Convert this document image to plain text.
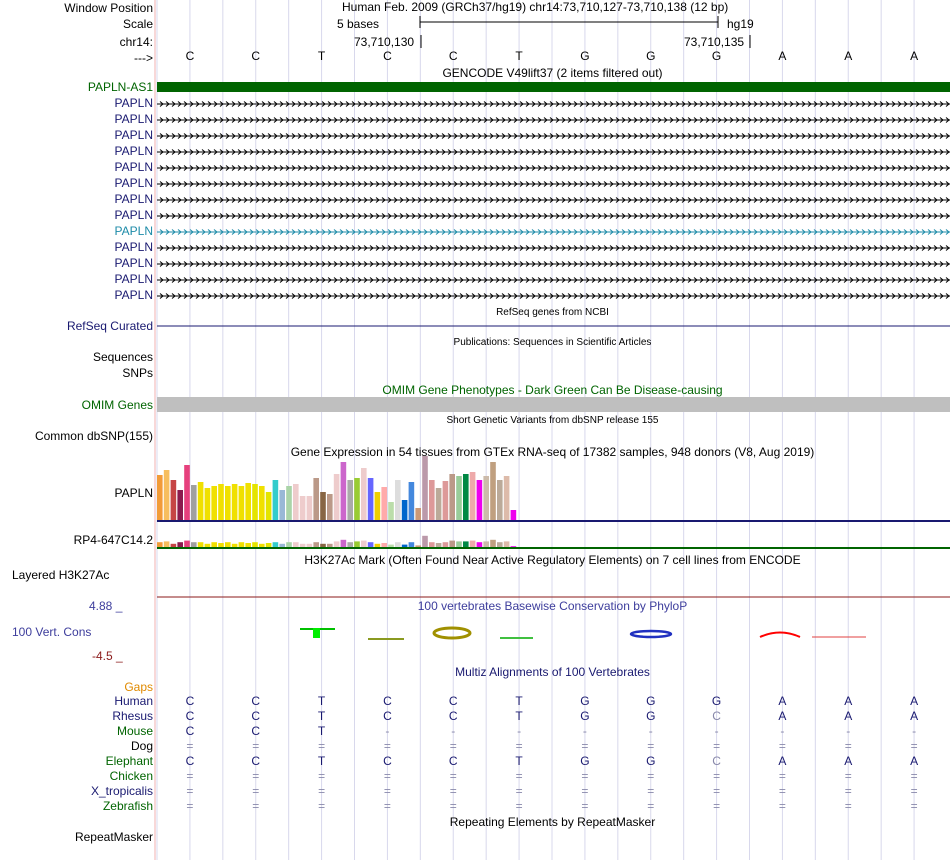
Window Position
Scale
chr14:
--->
Human Feb. 2009 (GRCh37/hg19) chr14:73,710,127-73,710,138 (12 bp)
5 bases	hg19
73,710,130	73,710,135
C	C	T	C	C	T	G	G	G	A	A	A
GENCODE V49lift37 (2 items filtered out)
PAPLN-AS1
PAPLN
PAPLN
PAPLN
PAPLN
PAPLN
PAPLN
PAPLN
PAPLN
PAPLN
PAPLN
PAPLN
PAPLN
PAPLN
RefSeq genes from NCBI
RefSeq Curated
Publications: Sequences in Scientific Articles
Sequences
SNPs
OMIM Gene Phenotypes - Dark Green Can Be Disease-causing
OMIM Genes
Short Genetic Variants from dbSNP release 155
Common dbSNP(155)
Gene Expression in 54 tissues from GTEx RNA-seq of 17382 samples, 948 donors (V8, Aug 2019)
PAPLN
RP4-647C14.2
H3K27Ac Mark (Often Found Near Active Regulatory Elements) on 7 cell lines from ENCODE
Layered H3K27Ac
100 vertebrates Basewise Conservation by PhyloP
4.88 _
100 Vert. Cons
-4.5 _
Multiz Alignments of 100 Vertebrates
Gaps
Human	C	C	T	C	C	T	G	G	G	A	A	A
Rhesus	C	C	T	C	C	T	G	G	C	A	A	A
Mouse	C	C	T	-	-	-	-	-	-	-	-	-
Dog	=	=	=	=	=	=	=	=	=	=	=	=
Elephant	C	C	T	C	C	T	G	G	C	A	A	A
Chicken	=	=	=	=	=	=	=	=	=	=	=	=
X_tropicalis	=	=	=	=	=	=	=	=	=	=	=	=
Zebrafish	=	=	=	=	=	=	=	=	=	=	=	=
Repeating Elements by RepeatMasker
RepeatMasker
